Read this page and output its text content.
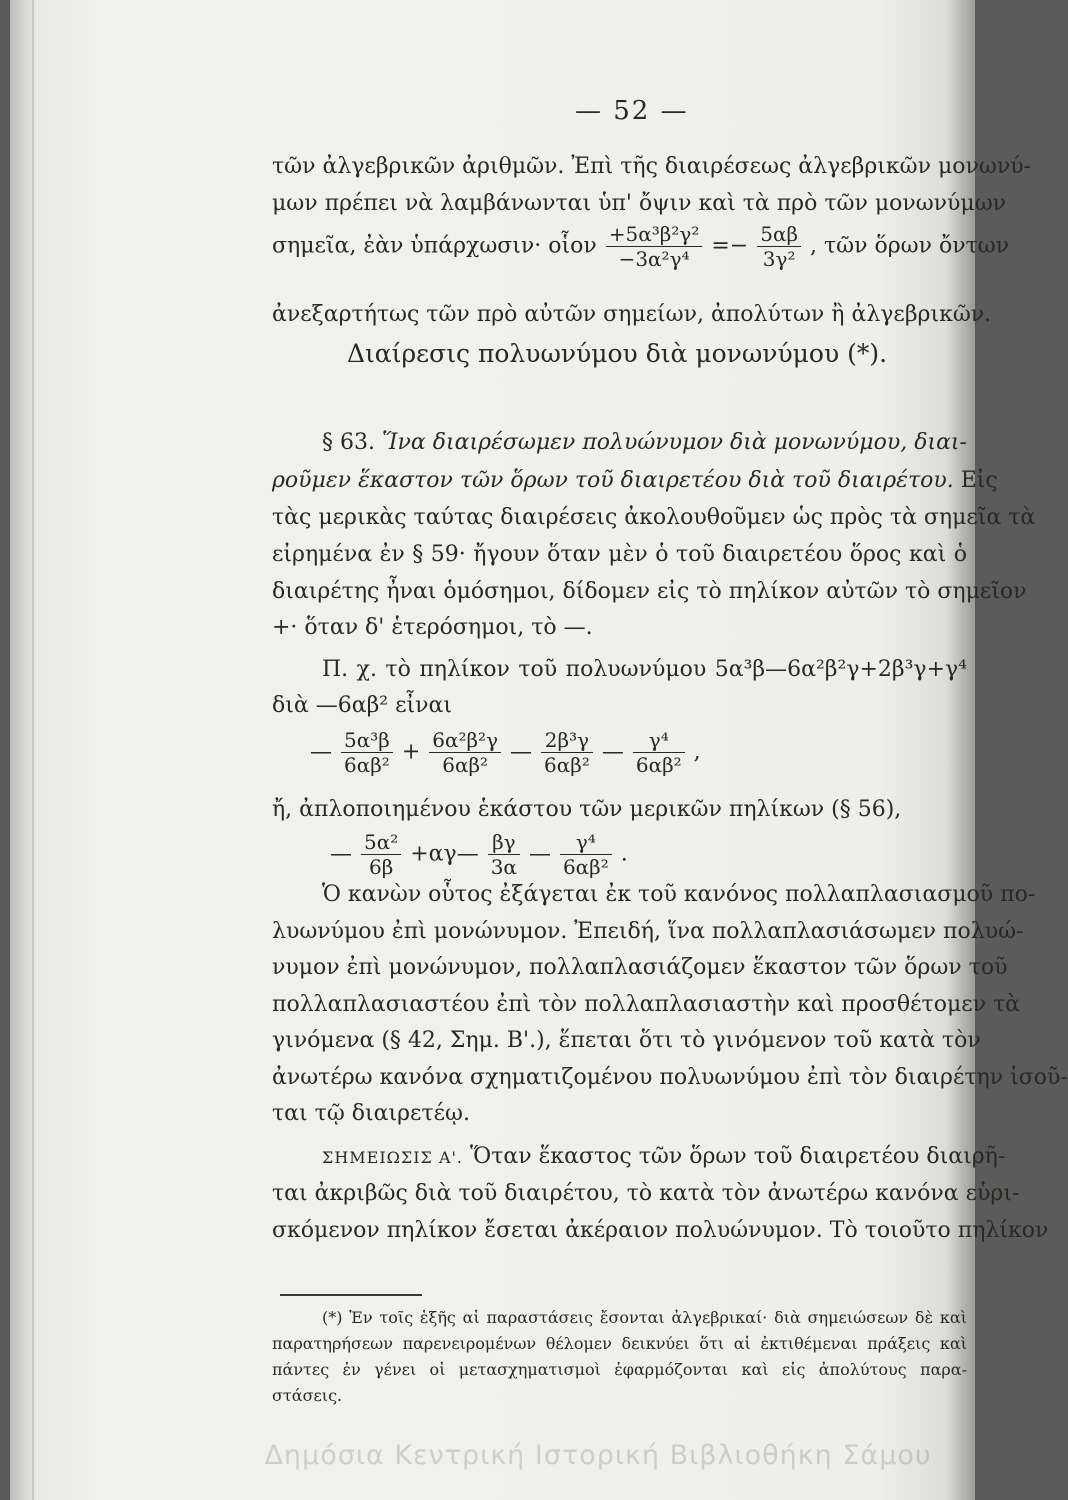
— 52 —
τῶν ἀλγεβρικῶν ἀριθμῶν. Ἐπὶ τῆς διαιρέσεως ἀλγεβρικῶν μονωνύ-
μων πρέπει νὰ λαμβάνωνται ὑπ' ὄψιν καὶ τὰ πρὸ τῶν μονωνύμων
σημεῖα, ἐὰν ὑπάρχωσιν· οἷον $\frac{\text{+5α³β²γ²}}{\text{−3α²γ⁴}} =- \frac{5\alpha\beta}{\text{3γ²}}$ , τῶν ὅρων ὄντων
ἀνεξαρτήτως τῶν πρὸ αὐτῶν σημείων, ἀπολύτων ἢ ἀλγεβρικῶν.
Διαίρεσις πολυωνύμου διὰ μονωνύμου (*).
§ 63. Ἵνα διαιρέσωμεν πολυώνυμον διὰ μονωνύμου, διαι-
ροῦμεν ἕκαστον τῶν ὅρων τοῦ διαιρετέου διὰ τοῦ διαιρέτου. Εἰς
τὰς μερικὰς ταύτας διαιρέσεις ἀκολουθοῦμεν ὡς πρὸς τὰ σημεῖα τὰ
εἰρημένα ἐν § 59· ἤγουν ὅταν μὲν ὁ τοῦ διαιρετέου ὅρος καὶ ὁ
διαιρέτης ἦναι ὁμόσημοι, δίδομεν εἰς τὸ πηλίκον αὐτῶν τὸ σημεῖον
+· ὅταν δ' ἑτερόσημοι, τὸ —.
Π. χ. τὸ πηλίκον τοῦ πολυωνύμου 5α³β—6α²β²γ+2β³γ+γ⁴
διὰ —6αβ² εἶναι
— $\frac{\text{5α³β}}{\text{6αβ²}} + \frac{\text{6α²β²γ}}{\text{6αβ²}}$ — $\frac{\text{2β³γ}}{\text{6αβ²}}$ — $\frac{\text{γ⁴}}{\text{6αβ²}}$ ,
ἤ, ἀπλοποιημένου ἑκάστου τῶν μερικῶν πηλίκων (§ 56),
— $\frac{\text{5α²}}{6\beta}$ +αγ— $\frac{\beta\gamma}{3\alpha}$ — $\frac{\text{γ⁴}}{\text{6αβ²}}$ .
Ὁ κανὼν οὗτος ἐξάγεται ἐκ τοῦ κανόνος πολλαπλασιασμοῦ πο-
λυωνύμου ἐπὶ μονώνυμον. Ἐπειδή, ἵνα πολλαπλασιάσωμεν πολυώ-
νυμον ἐπὶ μονώνυμον, πολλαπλασιάζομεν ἕκαστον τῶν ὅρων τοῦ
πολλαπλασιαστέου ἐπὶ τὸν πολλαπλασιαστὴν καὶ προσθέτομεν τὰ
γινόμενα (§ 42, Σημ. Β'.), ἕπεται ὅτι τὸ γινόμενον τοῦ κατὰ τὸν
ἀνωτέρω κανόνα σχηματιζομένου πολυωνύμου ἐπὶ τὸν διαιρέτην ἰσοῦ-
ται τῷ διαιρετέῳ.
ΣΗΜΕΙΩΣΙΣ Α'. Ὅταν ἕκαστος τῶν ὅρων τοῦ διαιρετέου διαιρῆ-
ται ἀκριβῶς διὰ τοῦ διαιρέτου, τὸ κατὰ τὸν ἀνωτέρω κανόνα εὑρι-
σκόμενον πηλίκον ἔσεται ἀκέραιον πολυώνυμον. Τὸ τοιοῦτο πηλίκον
(*) Ἐν τοῖς ἑξῆς αἱ παραστάσεις ἔσονται ἀλγεβρικαί· διὰ σημειώσεων δὲ καὶ
παρατηρήσεων παρενειρομένων θέλομεν δεικνύει ὅτι αἱ ἐκτιθέμεναι πράξεις καὶ
πάντες ἐν γένει οἱ μετασχηματισμοὶ ἐφαρμόζονται καὶ εἰς ἀπολύτους παρα-
στάσεις.
Δημόσια Κεντρική Ιστορική Βιβλιοθήκη Σάμου
